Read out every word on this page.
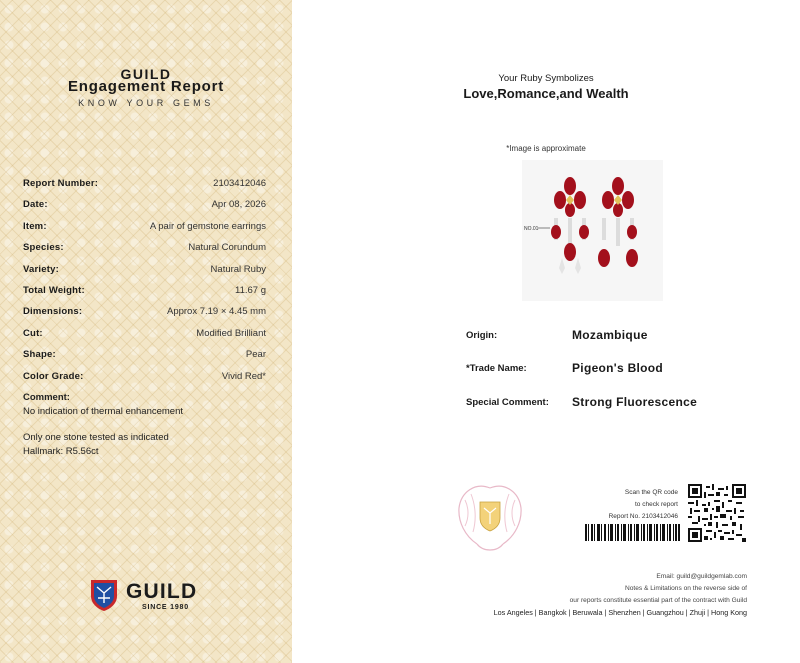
GUILD
Engagement Report
KNOW YOUR GEMS
Report Number:	2103412046
Date:	Apr 08, 2026
Item:	A pair of gemstone earrings
Species:	Natural Corundum
Variety:	Natural Ruby
Total Weight:	11.67 g
Dimensions:	Approx 7.19 × 4.45 mm
Cut:	Modified Brilliant
Shape:	Pear
Color Grade:	Vivid Red*
Comment:
No indication of thermal enhancement
Only one stone tested as indicated
Hallmark: R5.56ct
GUILD
SINCE 1980
Your Ruby Symbolizes
Love,Romance,and Wealth
*Image is approximate
NO.01
Origin:	Mozambique
*Trade Name:	Pigeon's Blood
Special Comment: Strong Fluorescence
Scan the QR code
to check report
Report No. 2103412046
Email: guild@guildgemlab.com
Notes & Limitations on the reverse side of
our reports constitute essential part of the contract with Guild
Los Angeles | Bangkok | Beruwala | Shenzhen | Guangzhou | Zhuji | Hong Kong
